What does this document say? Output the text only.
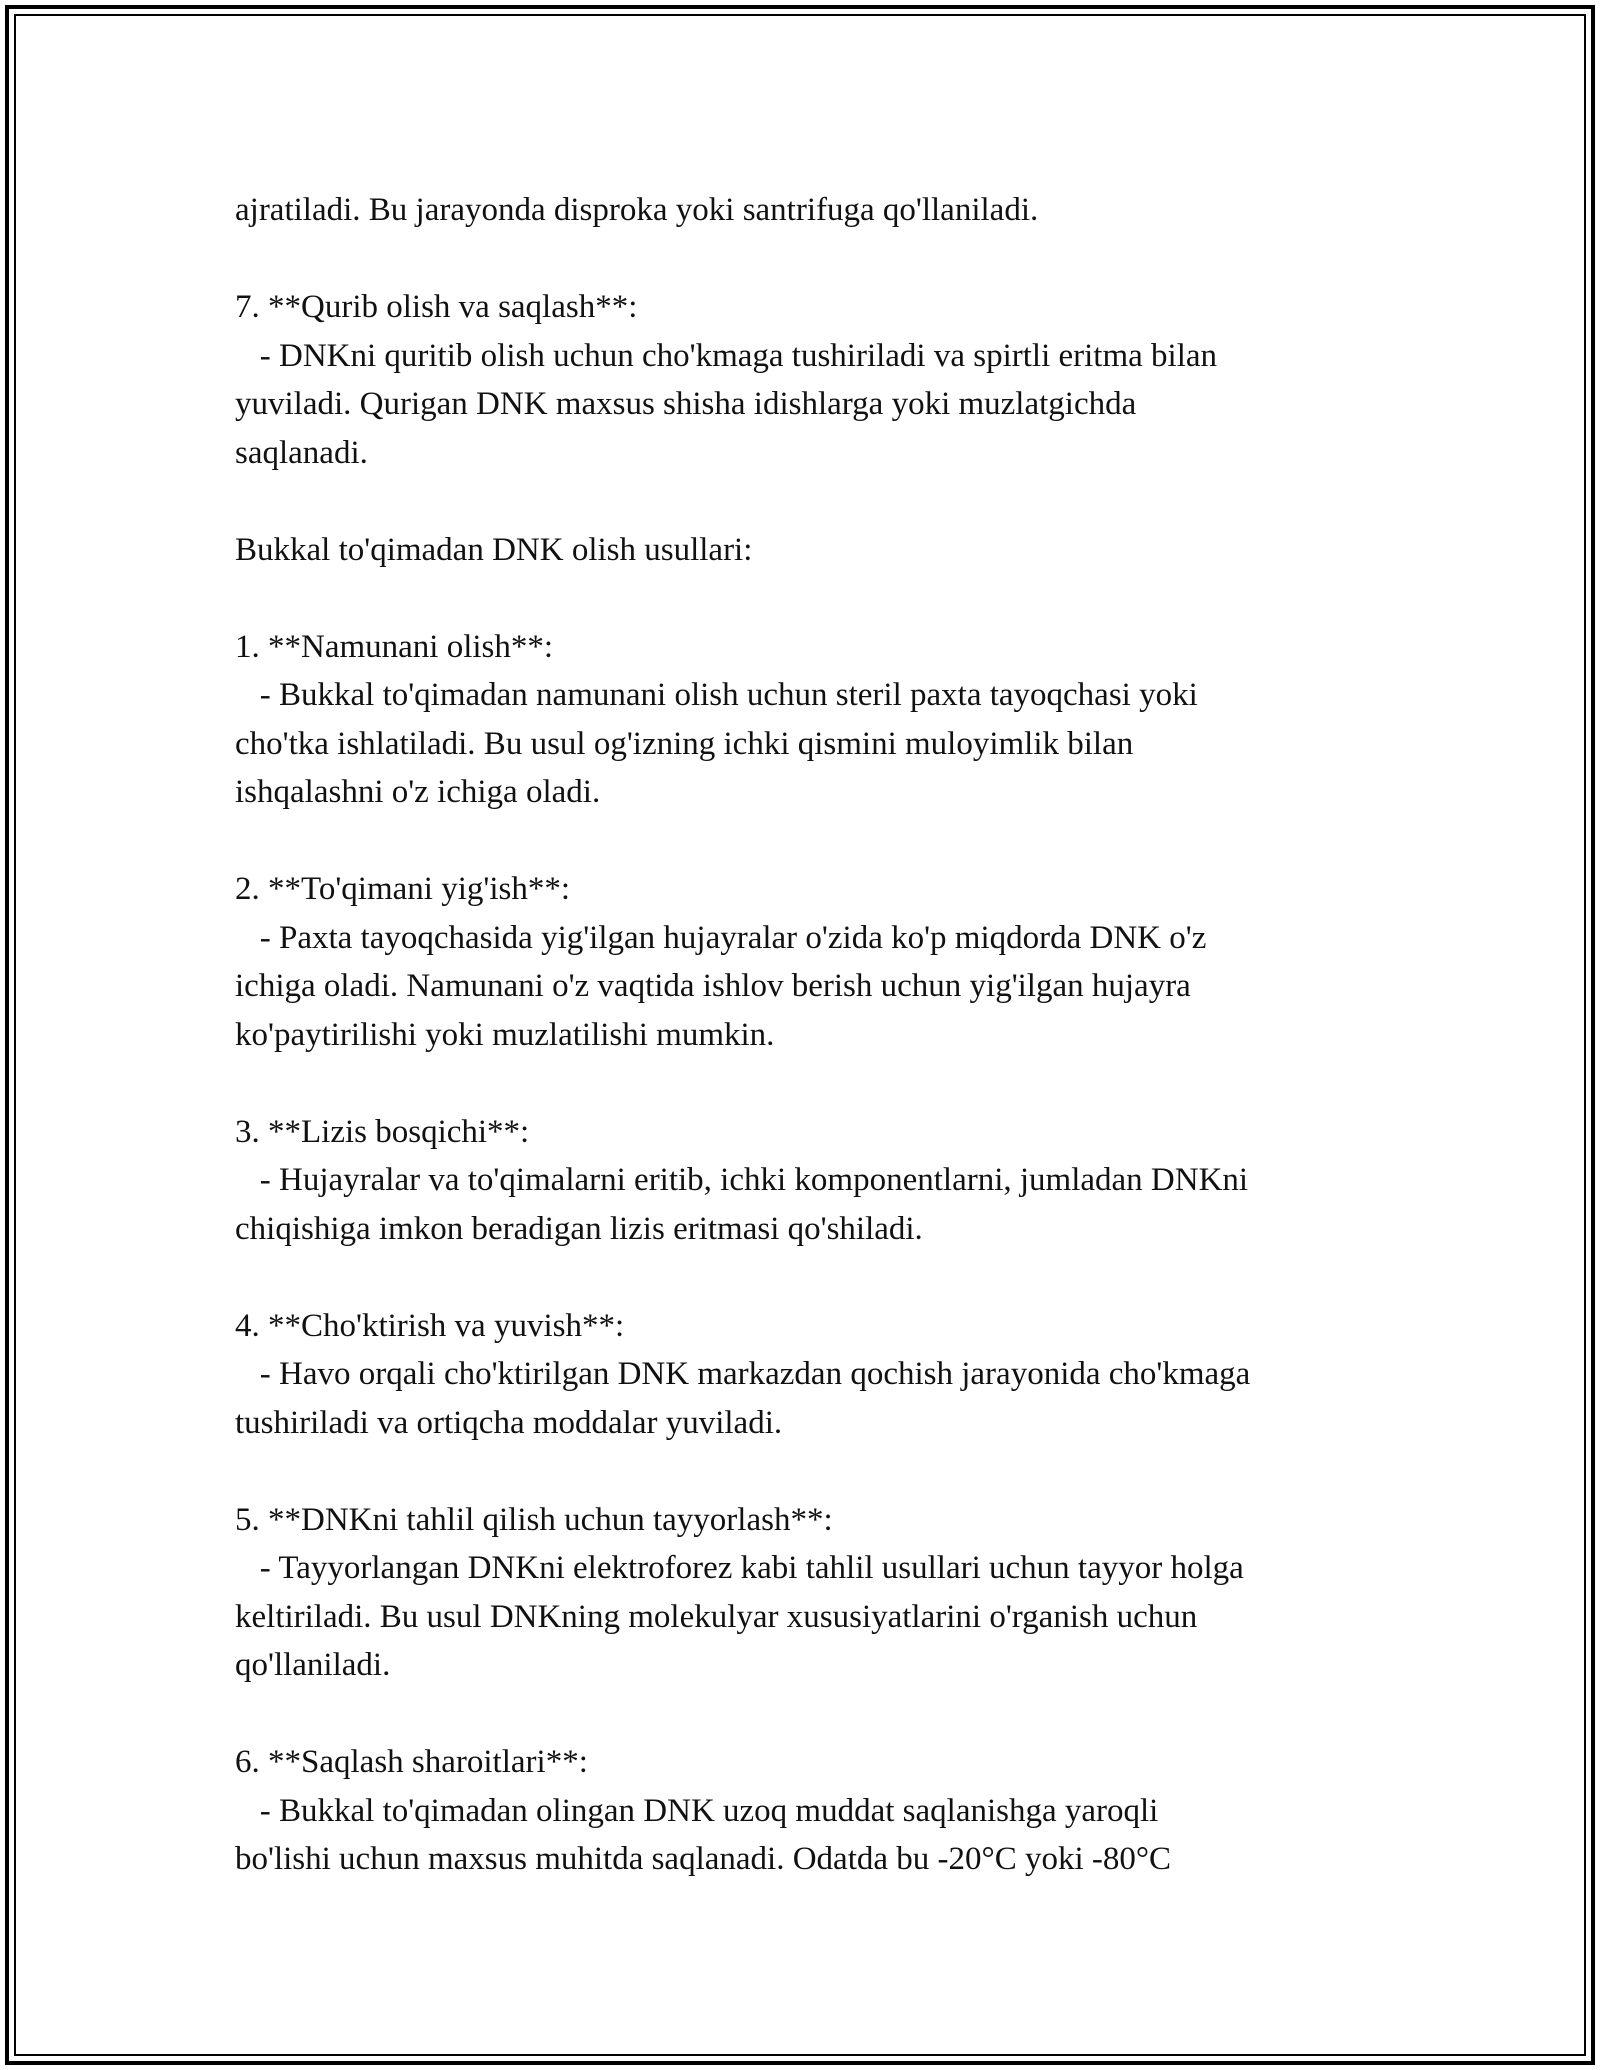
ajratiladi. Bu jarayonda disproka yoki santrifuga qo'llaniladi.
7. **Qurib olish va saqlash**:
- DNKni quritib olish uchun cho'kmaga tushiriladi va spirtli eritma bilan
yuviladi. Qurigan DNK maxsus shisha idishlarga yoki muzlatgichda
saqlanadi.
Bukkal to'qimadan DNK olish usullari:
1. **Namunani olish**:
- Bukkal to'qimadan namunani olish uchun steril paxta tayoqchasi yoki
cho'tka ishlatiladi. Bu usul og'izning ichki qismini muloyimlik bilan
ishqalashni o'z ichiga oladi.
2. **To'qimani yig'ish**:
- Paxta tayoqchasida yig'ilgan hujayralar o'zida ko'p miqdorda DNK o'z
ichiga oladi. Namunani o'z vaqtida ishlov berish uchun yig'ilgan hujayra
ko'paytirilishi yoki muzlatilishi mumkin.
3. **Lizis bosqichi**:
- Hujayralar va to'qimalarni eritib, ichki komponentlarni, jumladan DNKni
chiqishiga imkon beradigan lizis eritmasi qo'shiladi.
4. **Cho'ktirish va yuvish**:
- Havo orqali cho'ktirilgan DNK markazdan qochish jarayonida cho'kmaga
tushiriladi va ortiqcha moddalar yuviladi.
5. **DNKni tahlil qilish uchun tayyorlash**:
- Tayyorlangan DNKni elektroforez kabi tahlil usullari uchun tayyor holga
keltiriladi. Bu usul DNKning molekulyar xususiyatlarini o'rganish uchun
qo'llaniladi.
6. **Saqlash sharoitlari**:
- Bukkal to'qimadan olingan DNK uzoq muddat saqlanishga yaroqli
bo'lishi uchun maxsus muhitda saqlanadi. Odatda bu -20°C yoki -80°C
